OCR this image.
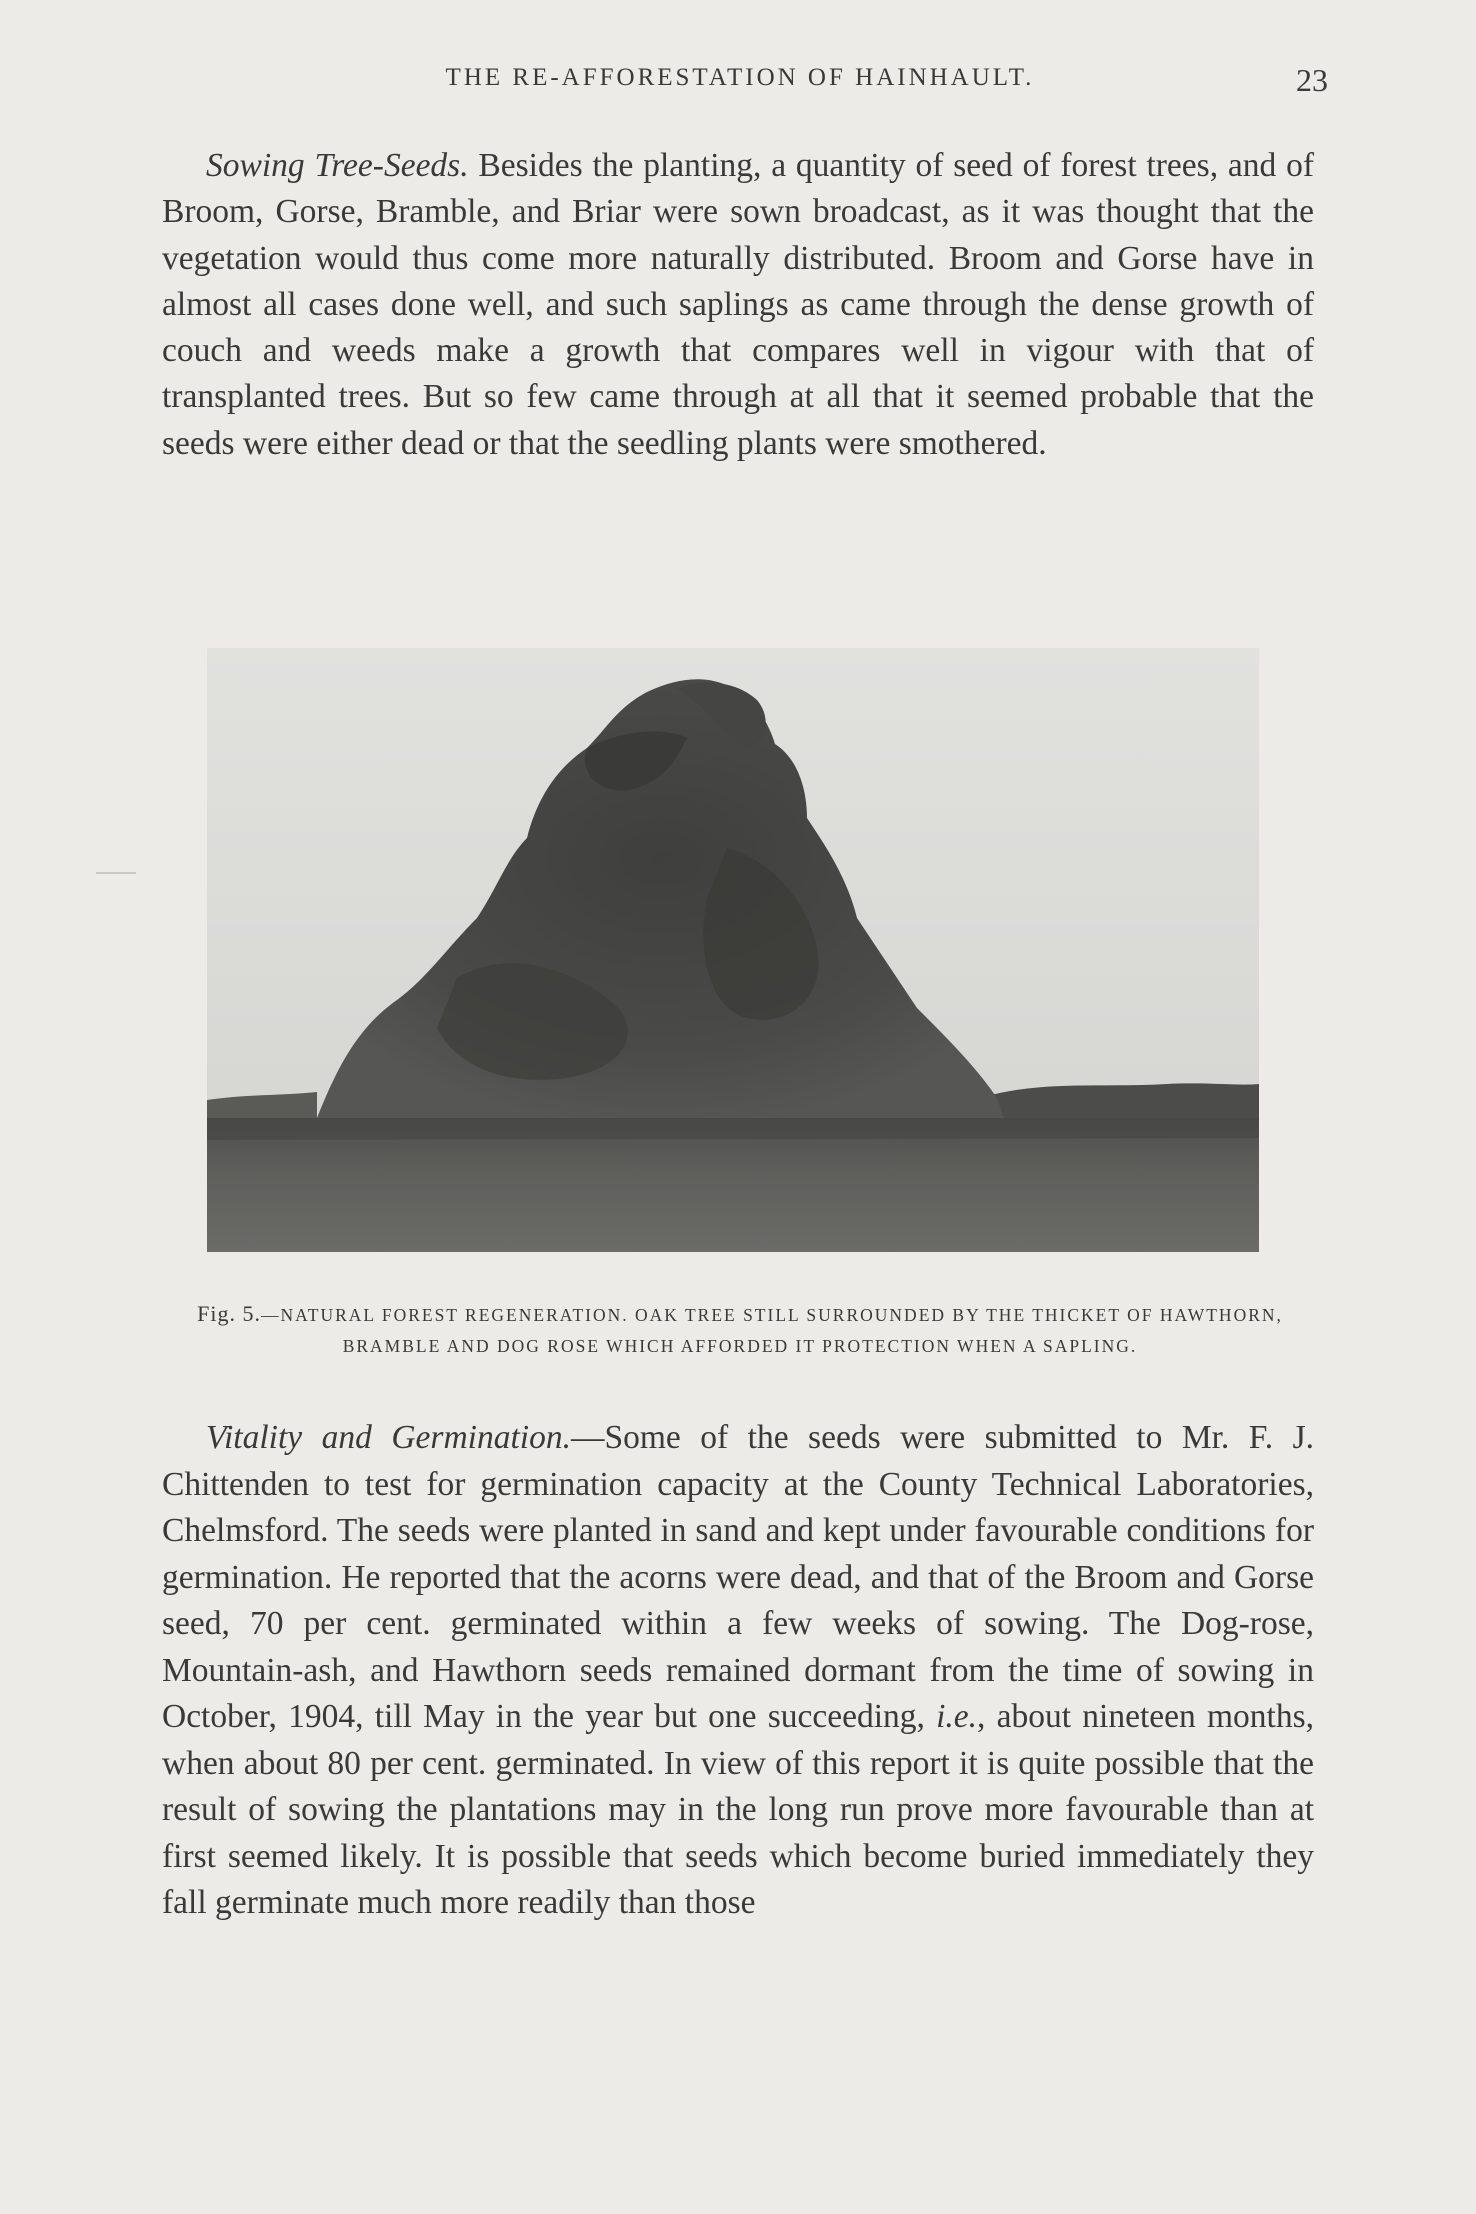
THE RE-AFFORESTATION OF HAINHAULT.	23

Sowing Tree-Seeds. Besides the planting, a quantity of seed of forest trees, and of Broom, Gorse, Bramble, and Briar were sown broadcast, as it was thought that the vegetation would thus come more naturally distributed. Broom and Gorse have in almost all cases done well, and such saplings as came through the dense growth of couch and weeds make a growth that compares well in vigour with that of transplanted trees. But so few came through at all that it seemed probable that the seeds were either dead or that the seedling plants were smothered.

Fig. 5.—NATURAL FOREST REGENERATION. OAK TREE STILL SURROUNDED BY THE THICKET OF HAWTHORN, BRAMBLE AND DOG ROSE WHICH AFFORDED IT PROTECTION WHEN A SAPLING.

Vitality and Germination.—Some of the seeds were submitted to Mr. F. J. Chittenden to test for germination capacity at the County Technical Laboratories, Chelmsford. The seeds were planted in sand and kept under favourable conditions for germination. He reported that the acorns were dead, and that of the Broom and Gorse seed, 70 per cent. germinated within a few weeks of sowing. The Dog-rose, Mountain-ash, and Hawthorn seeds remained dormant from the time of sowing in October, 1904, till May in the year but one succeeding, i.e., about nineteen months, when about 80 per cent. germinated. In view of this report it is quite possible that the result of sowing the plantations may in the long run prove more favourable than at first seemed likely. It is possible that seeds which become buried immediately they fall germinate much more readily than those
